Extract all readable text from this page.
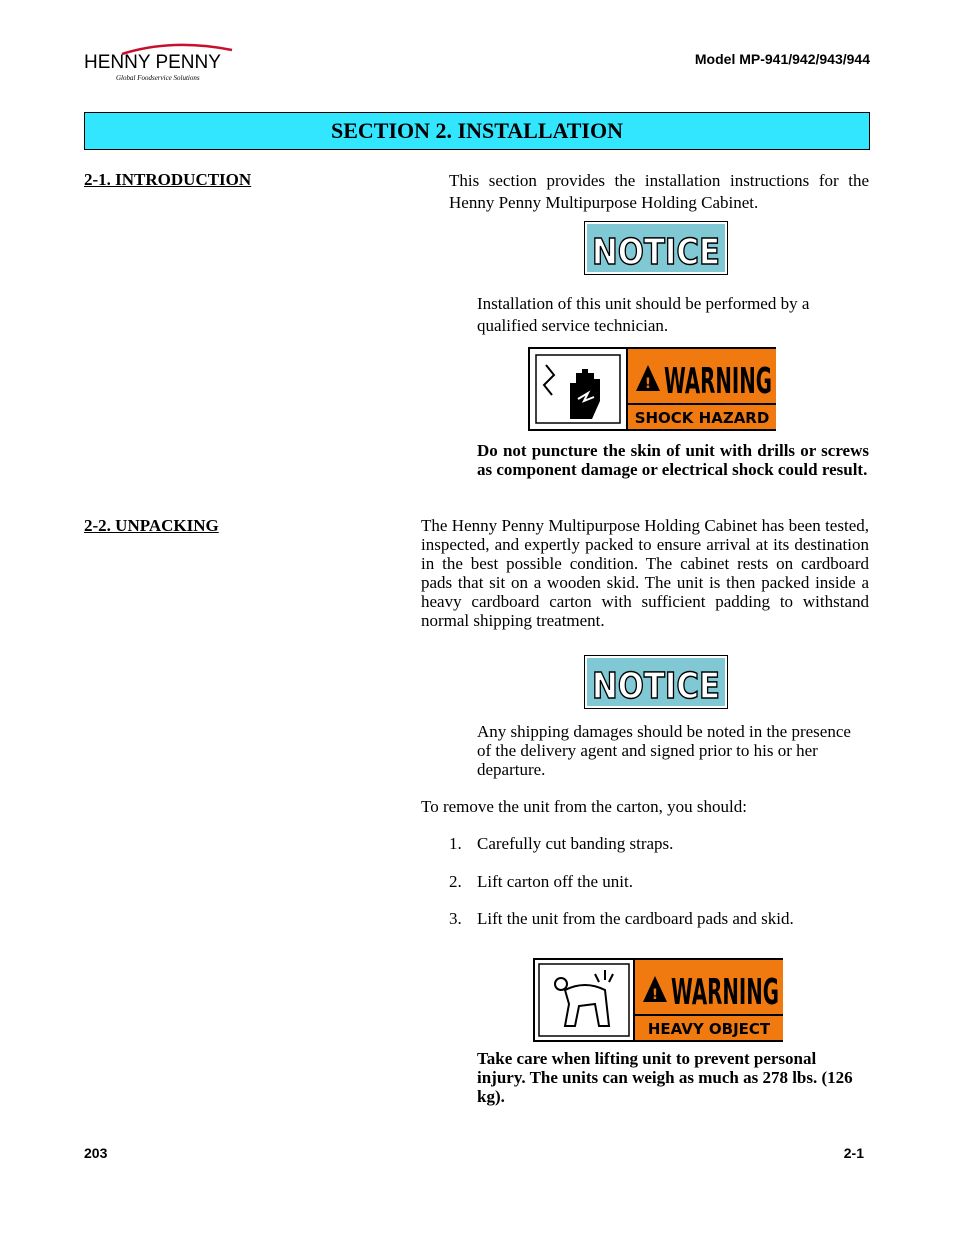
HENNY PENNY
Global Foodservice Solutions
Model MP-941/942/943/944
SECTION 2. INSTALLATION
2-1. INTRODUCTION	This section provides the installation instructions for the Henny Penny Multipurpose Holding Cabinet.
NOTICE
Installation of this unit should be performed by a qualified service technician.
! WARNING
SHOCK HAZARD
Do not puncture the skin of unit with drills or screws as component damage or electrical shock could result.
2-2. UNPACKING	The Henny Penny Multipurpose Holding Cabinet has been tested, inspected, and expertly packed to ensure arrival at its destination in the best possible condition. The cabinet rests on cardboard pads that sit on a wooden skid. The unit is then packed inside a heavy cardboard carton with sufficient padding to withstand normal shipping treatment.
NOTICE
Any shipping damages should be noted in the presence of the delivery agent and signed prior to his or her departure.
To remove the unit from the carton, you should:
1. Carefully cut banding straps.
2. Lift carton off the unit.
3. Lift the unit from the cardboard pads and skid.
! WARNING
HEAVY OBJECT
Take care when lifting unit to prevent personal injury. The units can weigh as much as 278 lbs. (126 kg).
203	2-1
